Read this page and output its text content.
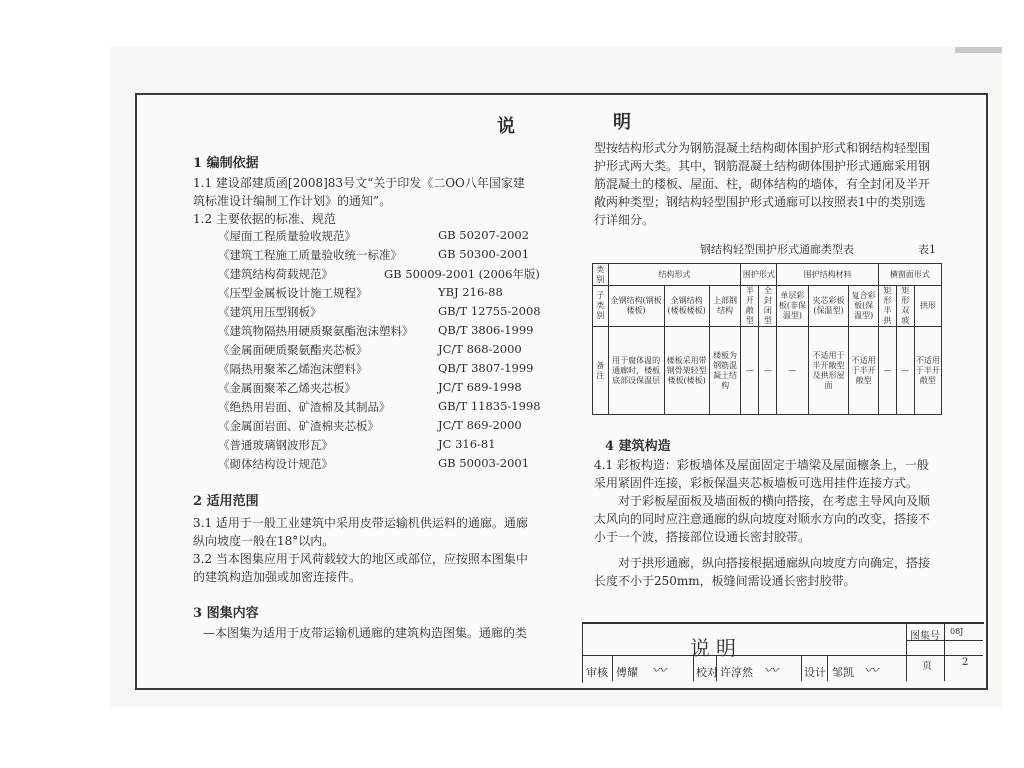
说	明
1 编制依据
1.1 建设部建质函[2008]83号文“关于印发《二OO八年国家建
筑标准设计编制工作计划》的通知”。
1.2 主要依据的标准、规范
《屋面工程质量验收规范》	GB 50207-2002
《建筑工程施工质量验收统一标准》	GB 50300-2001
《建筑结构荷载规范》	GB 50009-2001 (2006年版)
《压型金属板设计施工规程》	YBJ 216-88
《建筑用压型钢板》	GB/T 12755-2008
《建筑物隔热用硬质聚氨酯泡沫塑料》 QB/T 3806-1999
《金属面硬质聚氨酯夹芯板》	JC/T 868-2000
《隔热用聚苯乙烯泡沫塑料》	QB/T 3807-1999
《金属面聚苯乙烯夹芯板》	JC/T 689-1998
《绝热用岩面、矿渣棉及其制品》	GB/T 11835-1998
《金属面岩面、矿渣棉夹芯板》	JC/T 869-2000
《普通玻璃钢波形瓦》	JC 316-81
《砌体结构设计规范》	GB 50003-2001
2 适用范围
3.1 适用于一般工业建筑中采用皮带运输机供运料的通廊。通廊
纵向坡度一般在18°以内。
3.2 当本图集应用于风荷载较大的地区或部位，应按照本图集中
的建筑构造加强或加密连接件。
3 图集内容
—本图集为适用于皮带运输机通廊的建筑构造图集。通廊的类
型按结构形式分为钢筋混凝土结构砌体围护形式和钢结构轻型围
护形式两大类。其中，钢筋混凝土结构砌体围护形式通廊采用钢
筋混凝土的楼板、屋面、柱，砌体结构的墙体，有全封闭及半开
敞两种类型；钢结构轻型围护形式通廊可以按照表1中的类别选
行详细分。
钢结构轻型围护形式通廊类型表	表1
类别	结构形式			围护形式		围护结构材料			横窗面形式		
子类别	全钢结构(钢板楼板)	全钢结构(楼板楼板)	上部钢结构	半开敞型	全封闭型	单层彩板(非保温型)	夹芯彩板(保温型)	复合彩板(保温型)	矩形半拱	矩形双坡	拱形
备注	用于腐体温的通廊时，楼板底部设保温层	楼板采用带钢骨架轻型楼板(楼板)	楼板为钢筋混凝土结构	—	—	—	不适用于半开敞型及拱形屋面	不适用于半开敞型	—	—	不适用于半开敞型
4 建筑构造
4.1 彩板构造：彩板墙体及屋面固定于墙梁及屋面檩条上，一般
采用紧固件连接，彩板保温夹芯板墙板可选用挂件连接方式。
对于彩板屋面板及墙面板的横向搭接，在考虑主导风向及顺
太风向的同时应注意通廊的纵向坡度对顺水方向的改变，搭接不
小于一个波，搭接部位设通长密封胶带。
对于拱形通廊，纵向搭接根据通廊纵向坡度方向确定，搭接
长度不小于250mm，板缝间需设通长密封胶带。
说明	图集号 08J
页	2
审核 傅耀 〰	校对 许淳然 〰 设计 邹凯 〰
